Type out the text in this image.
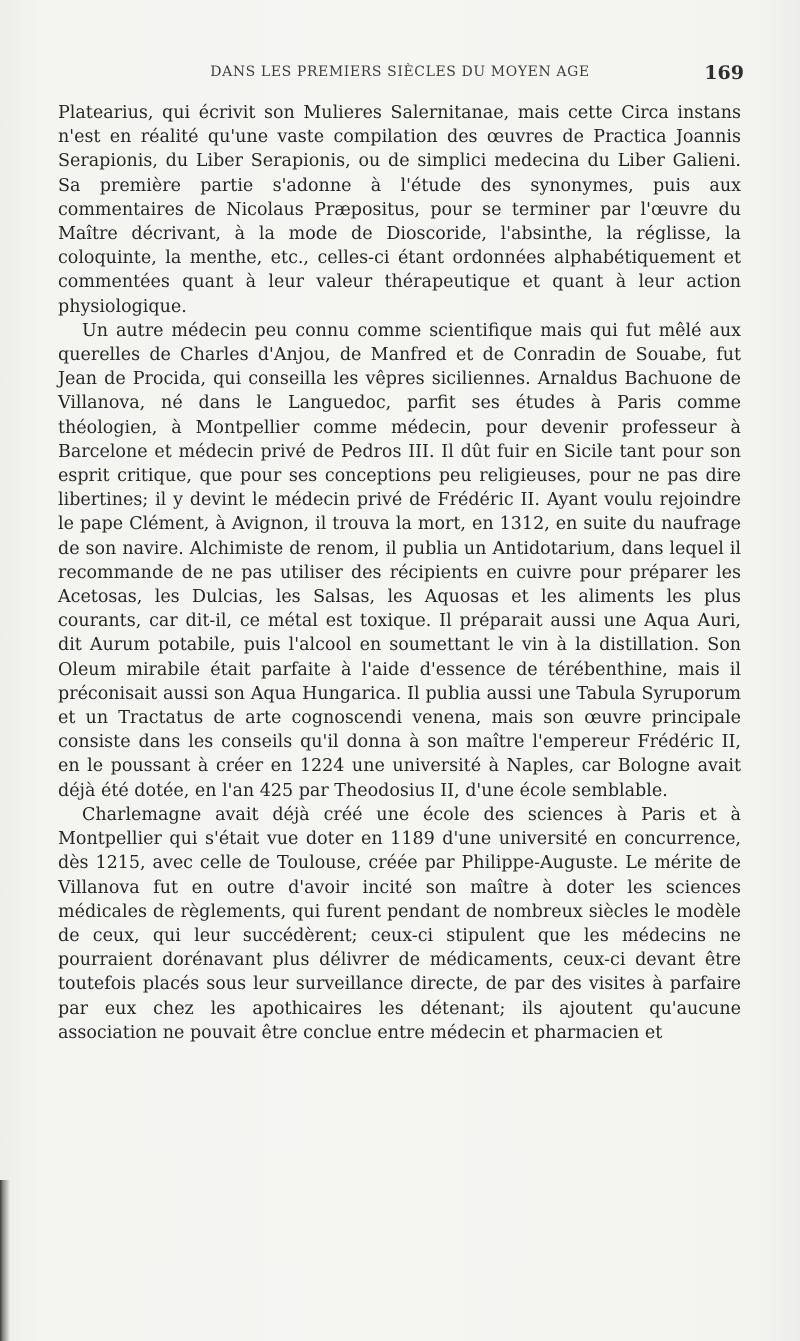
DANS LES PREMIERS SIÈCLES DU MOYEN AGE	169

Platearius, qui écrivit son Mulieres Salernitanae, mais cette Circa instans n'est en réalité qu'une vaste compilation des œuvres de Practica Joannis Serapionis, du Liber Serapionis, ou de simplici medecina du Liber Galieni. Sa première partie s'adonne à l'étude des synonymes, puis aux commentaires de Nicolaus Præpositus, pour se terminer par l'œuvre du Maître décrivant, à la mode de Dioscoride, l'absinthe, la réglisse, la coloquinte, la menthe, etc., celles-ci étant ordonnées alphabétiquement et commentées quant à leur valeur thérapeutique et quant à leur action physiologique.

Un autre médecin peu connu comme scientifique mais qui fut mêlé aux querelles de Charles d'Anjou, de Manfred et de Conradin de Souabe, fut Jean de Procida, qui conseilla les vêpres siciliennes. Arnaldus Bachuone de Villanova, né dans le Languedoc, parfit ses études à Paris comme théologien, à Montpellier comme médecin, pour devenir professeur à Barcelone et médecin privé de Pedros III. Il dût fuir en Sicile tant pour son esprit critique, que pour ses conceptions peu religieuses, pour ne pas dire libertines; il y devint le médecin privé de Frédéric II. Ayant voulu rejoindre le pape Clément, à Avignon, il trouva la mort, en 1312, en suite du naufrage de son navire. Alchimiste de renom, il publia un Antidotarium, dans lequel il recommande de ne pas utiliser des récipients en cuivre pour préparer les Acetosas, les Dulcias, les Salsas, les Aquosas et les aliments les plus courants, car dit-il, ce métal est toxique. Il préparait aussi une Aqua Auri, dit Aurum potabile, puis l'alcool en soumettant le vin à la distillation. Son Oleum mirabile était parfaite à l'aide d'essence de térébenthine, mais il préconisait aussi son Aqua Hungarica. Il publia aussi une Tabula Syruporum et un Tractatus de arte cognoscendi venena, mais son œuvre principale consiste dans les conseils qu'il donna à son maître l'empereur Frédéric II, en le poussant à créer en 1224 une université à Naples, car Bologne avait déjà été dotée, en l'an 425 par Theodosius II, d'une école semblable.

Charlemagne avait déjà créé une école des sciences à Paris et à Montpellier qui s'était vue doter en 1189 d'une université en concurrence, dès 1215, avec celle de Toulouse, créée par Philippe-Auguste. Le mérite de Villanova fut en outre d'avoir incité son maître à doter les sciences médicales de règlements, qui furent pendant de nombreux siècles le modèle de ceux, qui leur succédèrent; ceux-ci stipulent que les médecins ne pourraient dorénavant plus délivrer de médicaments, ceux-ci devant être toutefois placés sous leur surveillance directe, de par des visites à parfaire par eux chez les apothicaires les détenant; ils ajoutent qu'aucune association ne pouvait être conclue entre médecin et pharmacien et
